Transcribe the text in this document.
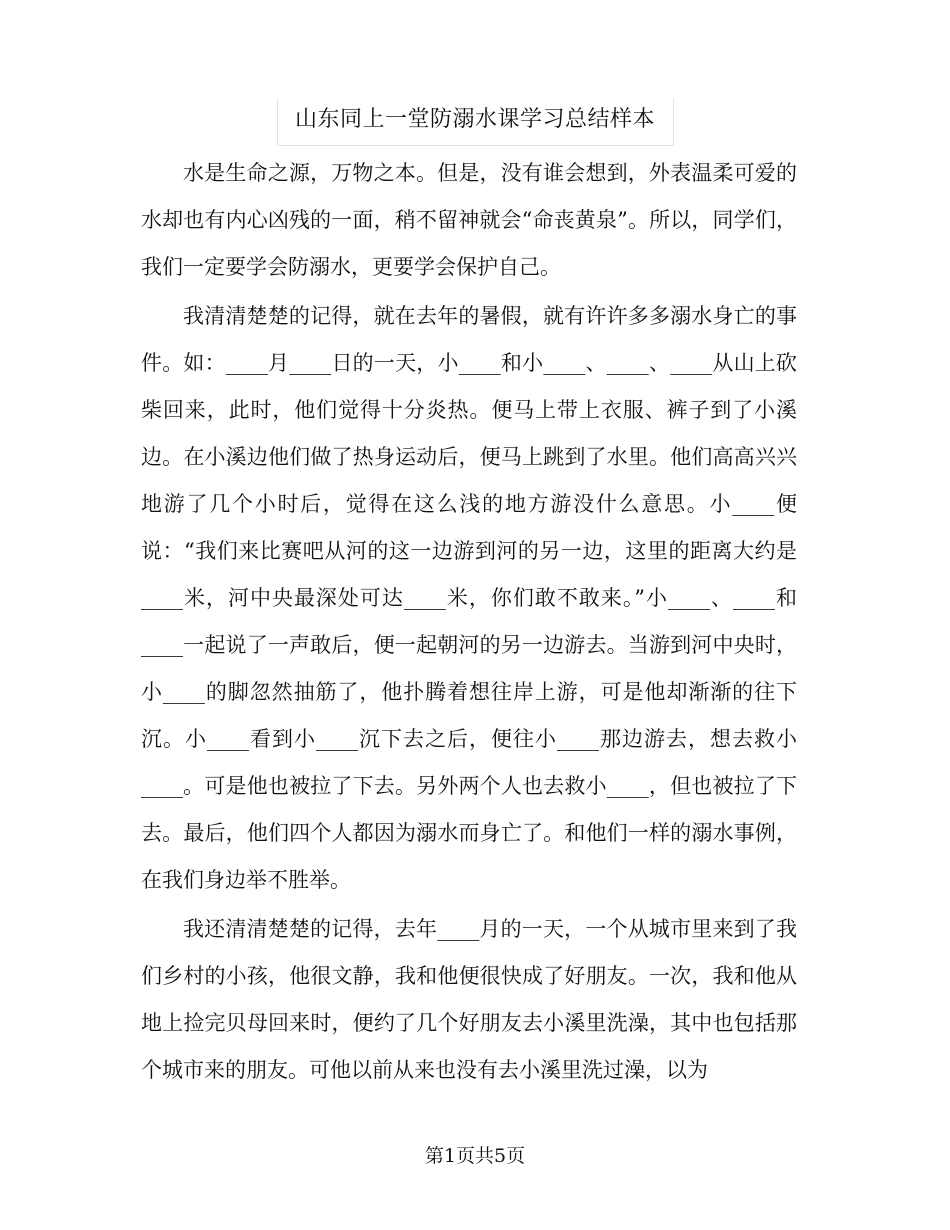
山东同上一堂防溺水课学习总结样本

水是生命之源，万物之本。但是，没有谁会想到，外表温柔可爱的水却也有内心凶残的一面，稍不留神就会“命丧黄泉”。所以，同学们，我们一定要学会防溺水，更要学会保护自己。

我清清楚楚的记得，就在去年的暑假，就有许许多多溺水身亡的事件。如：____月____日的一天，小____和小____、____、____从山上砍柴回来，此时，他们觉得十分炎热。便马上带上衣服、裤子到了小溪边。在小溪边他们做了热身运动后，便马上跳到了水里。他们高高兴兴地游了几个小时后，觉得在这么浅的地方游没什么意思。小____便说：“我们来比赛吧从河的这一边游到河的另一边，这里的距离大约是____米，河中央最深处可达____米，你们敢不敢来。”小____、____和____一起说了一声敢后，便一起朝河的另一边游去。当游到河中央时，小____的脚忽然抽筋了，他扑腾着想往岸上游，可是他却渐渐的往下沉。小____看到小____沉下去之后，便往小____那边游去，想去救小____。可是他也被拉了下去。另外两个人也去救小____，但也被拉了下去。最后，他们四个人都因为溺水而身亡了。和他们一样的溺水事例，在我们身边举不胜举。

我还清清楚楚的记得，去年____月的一天，一个从城市里来到了我们乡村的小孩，他很文静，我和他便很快成了好朋友。一次，我和他从地上捡完贝母回来时，便约了几个好朋友去小溪里洗澡，其中也包括那个城市来的朋友。可他以前从来也没有去小溪里洗过澡，以为

第1页共5页
